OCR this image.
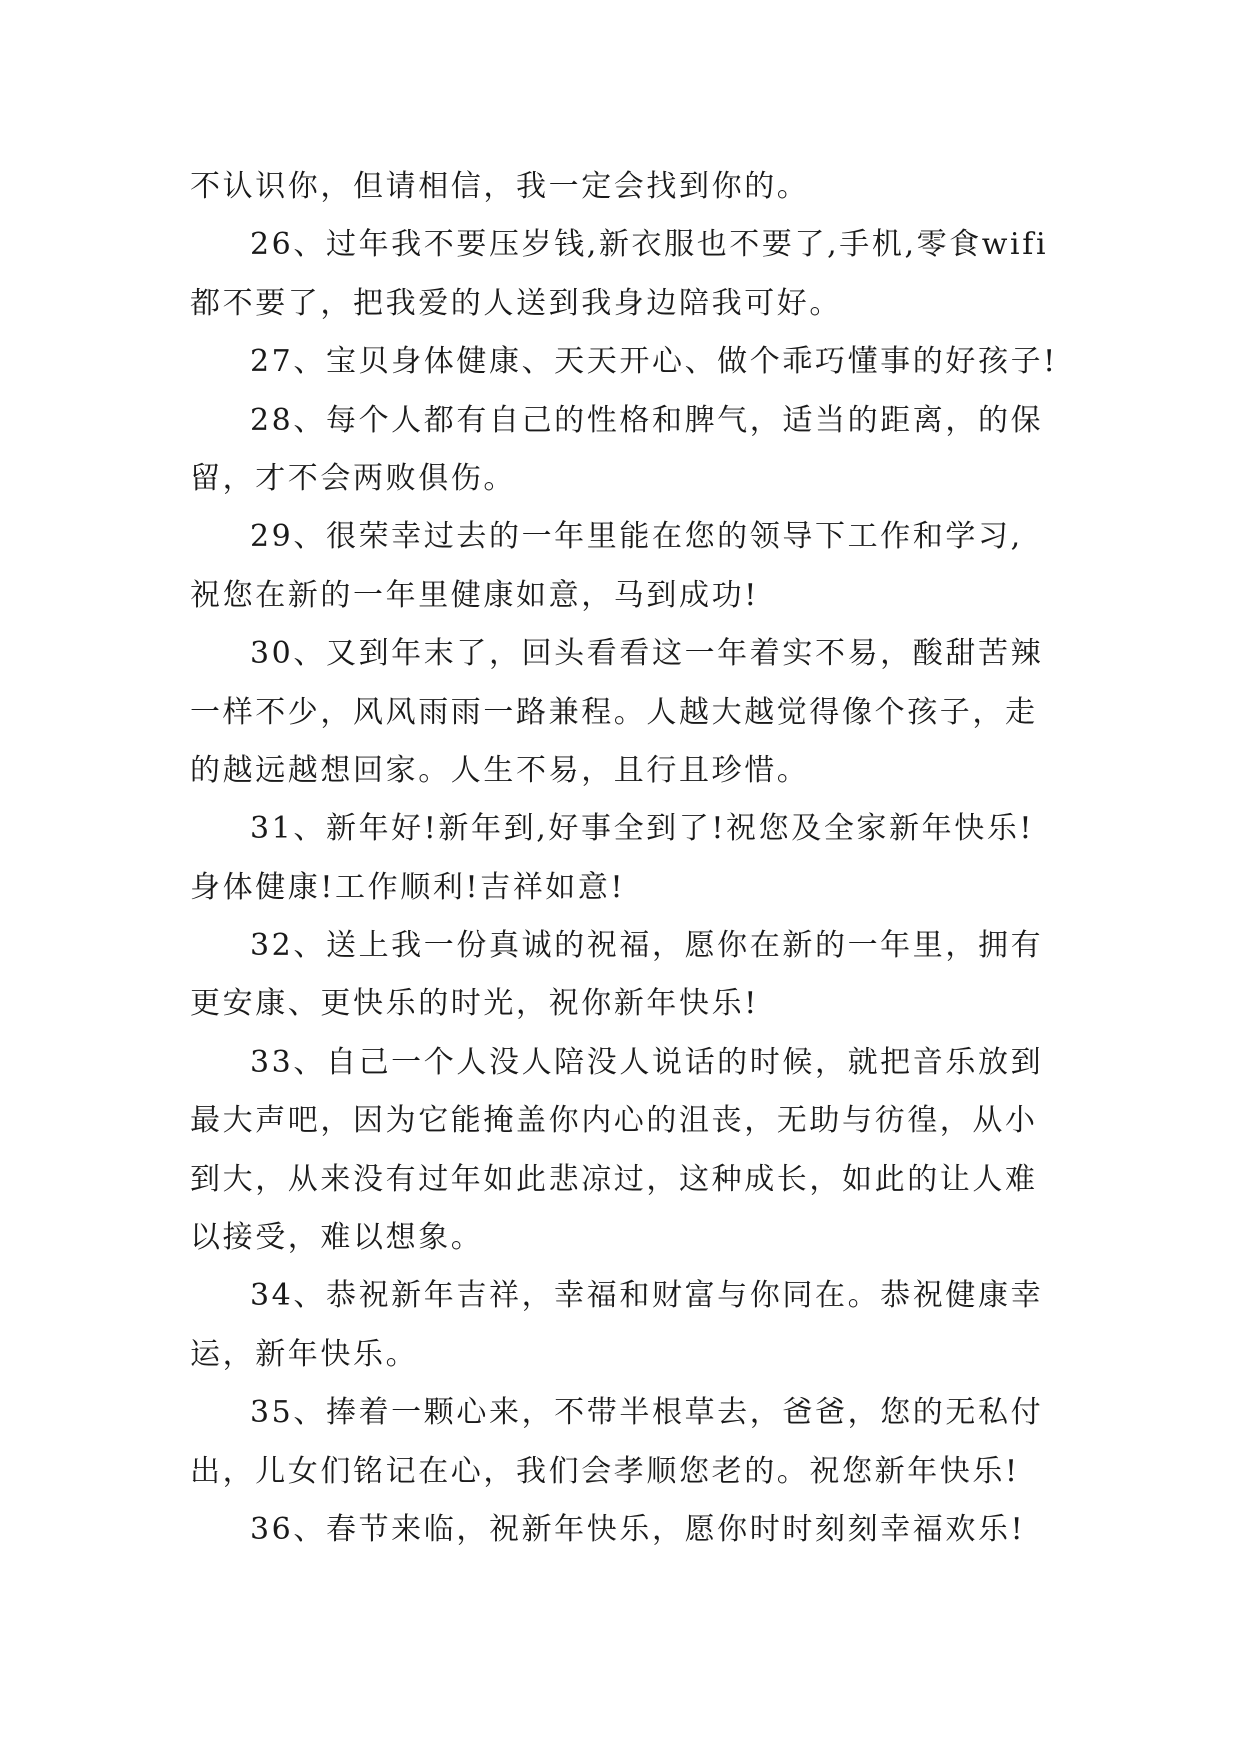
不认识你，但请相信，我一定会找到你的。

26、过年我不要压岁钱,新衣服也不要了,手机,零食wifi
都不要了，把我爱的人送到我身边陪我可好。

27、宝贝身体健康、天天开心、做个乖巧懂事的好孩子!

28、每个人都有自己的性格和脾气，适当的距离，的保
留，才不会两败俱伤。

29、很荣幸过去的一年里能在您的领导下工作和学习,
祝您在新的一年里健康如意，马到成功!

30、又到年末了，回头看看这一年着实不易，酸甜苦辣
一样不少，风风雨雨一路兼程。人越大越觉得像个孩子，走
的越远越想回家。人生不易，且行且珍惜。

31、新年好!新年到,好事全到了!祝您及全家新年快乐!
身体健康!工作顺利!吉祥如意!

32、送上我一份真诚的祝福，愿你在新的一年里，拥有
更安康、更快乐的时光，祝你新年快乐!

33、自己一个人没人陪没人说话的时候，就把音乐放到
最大声吧，因为它能掩盖你内心的沮丧，无助与彷徨，从小
到大，从来没有过年如此悲凉过，这种成长，如此的让人难
以接受，难以想象。

34、恭祝新年吉祥，幸福和财富与你同在。恭祝健康幸
运，新年快乐。

35、捧着一颗心来，不带半根草去，爸爸，您的无私付
出，儿女们铭记在心，我们会孝顺您老的。祝您新年快乐!

36、春节来临，祝新年快乐，愿你时时刻刻幸福欢乐!
